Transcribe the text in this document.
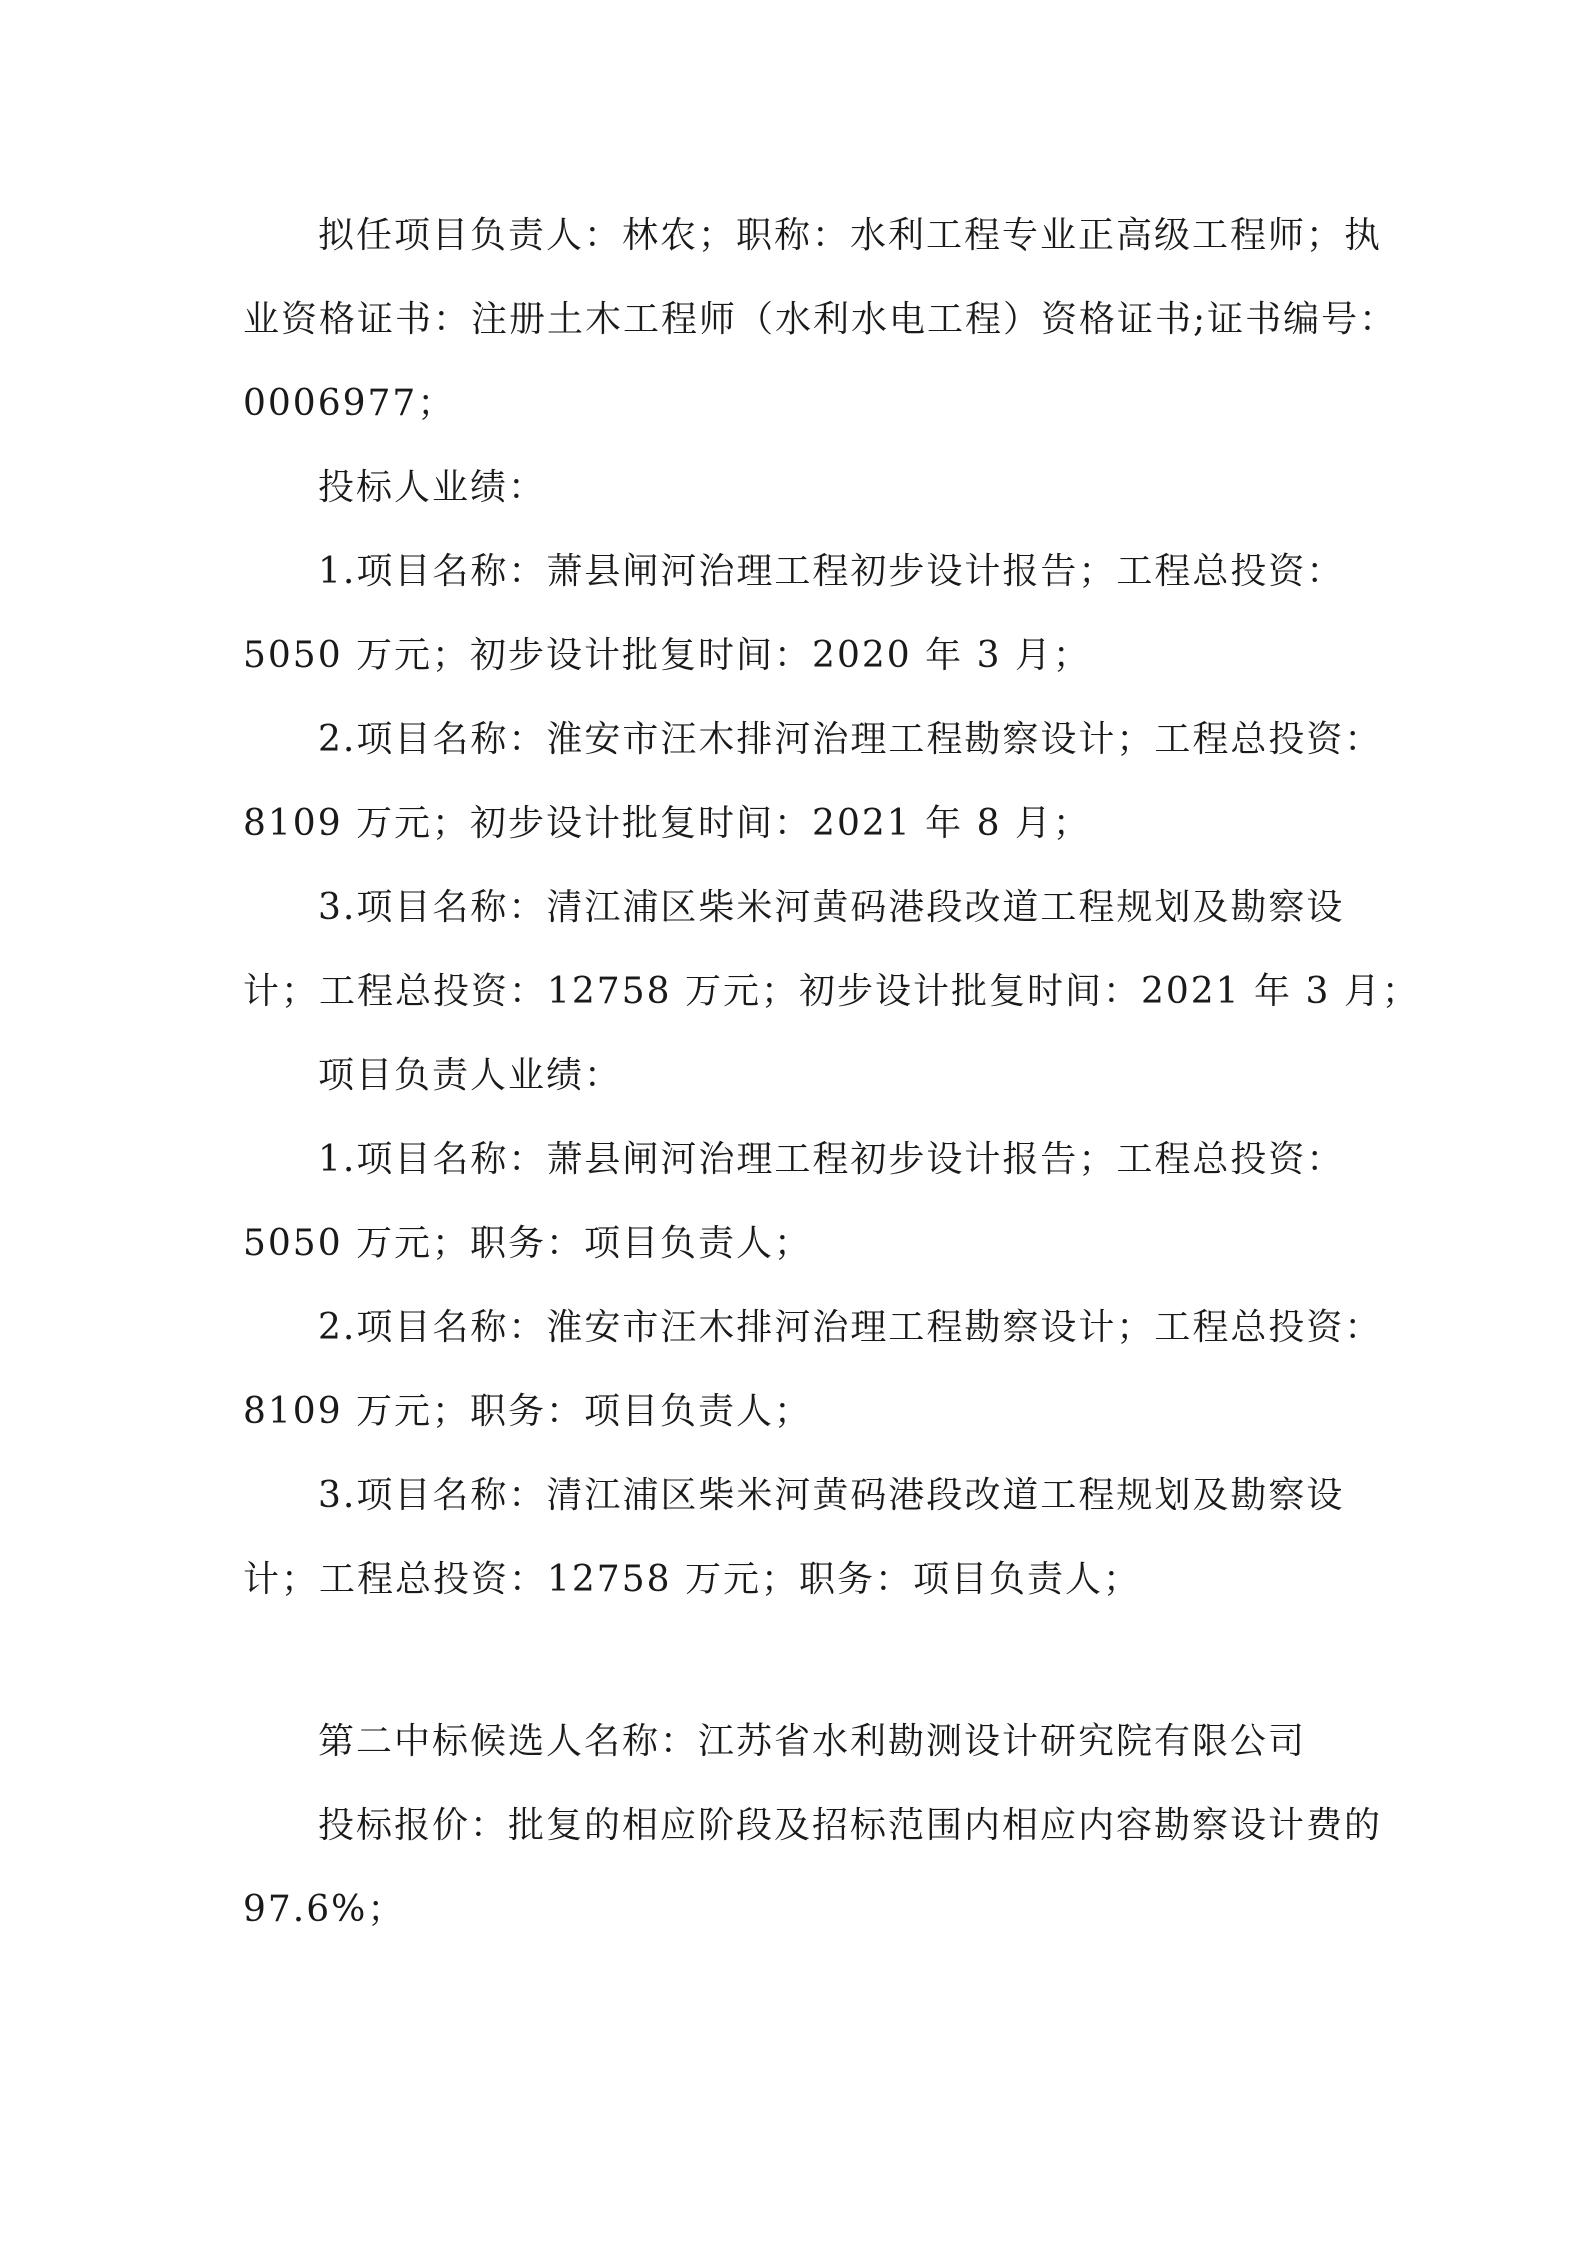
拟任项目负责人：林农；职称：水利工程专业正高级工程师；执
业资格证书：注册土木工程师（水利水电工程）资格证书;证书编号：
0006977；
投标人业绩：
1.项目名称：萧县闸河治理工程初步设计报告；工程总投资：
5050 万元；初步设计批复时间：2020 年 3 月；
2.项目名称：淮安市汪木排河治理工程勘察设计；工程总投资：
8109 万元；初步设计批复时间：2021 年 8 月；
3.项目名称：清江浦区柴米河黄码港段改道工程规划及勘察设
计；工程总投资：12758 万元；初步设计批复时间：2021 年 3 月；
项目负责人业绩：
1.项目名称：萧县闸河治理工程初步设计报告；工程总投资：
5050 万元；职务：项目负责人；
2.项目名称：淮安市汪木排河治理工程勘察设计；工程总投资：
8109 万元；职务：项目负责人；
3.项目名称：清江浦区柴米河黄码港段改道工程规划及勘察设
计；工程总投资：12758 万元；职务：项目负责人；
第二中标候选人名称：江苏省水利勘测设计研究院有限公司
投标报价：批复的相应阶段及招标范围内相应内容勘察设计费的
97.6%；
